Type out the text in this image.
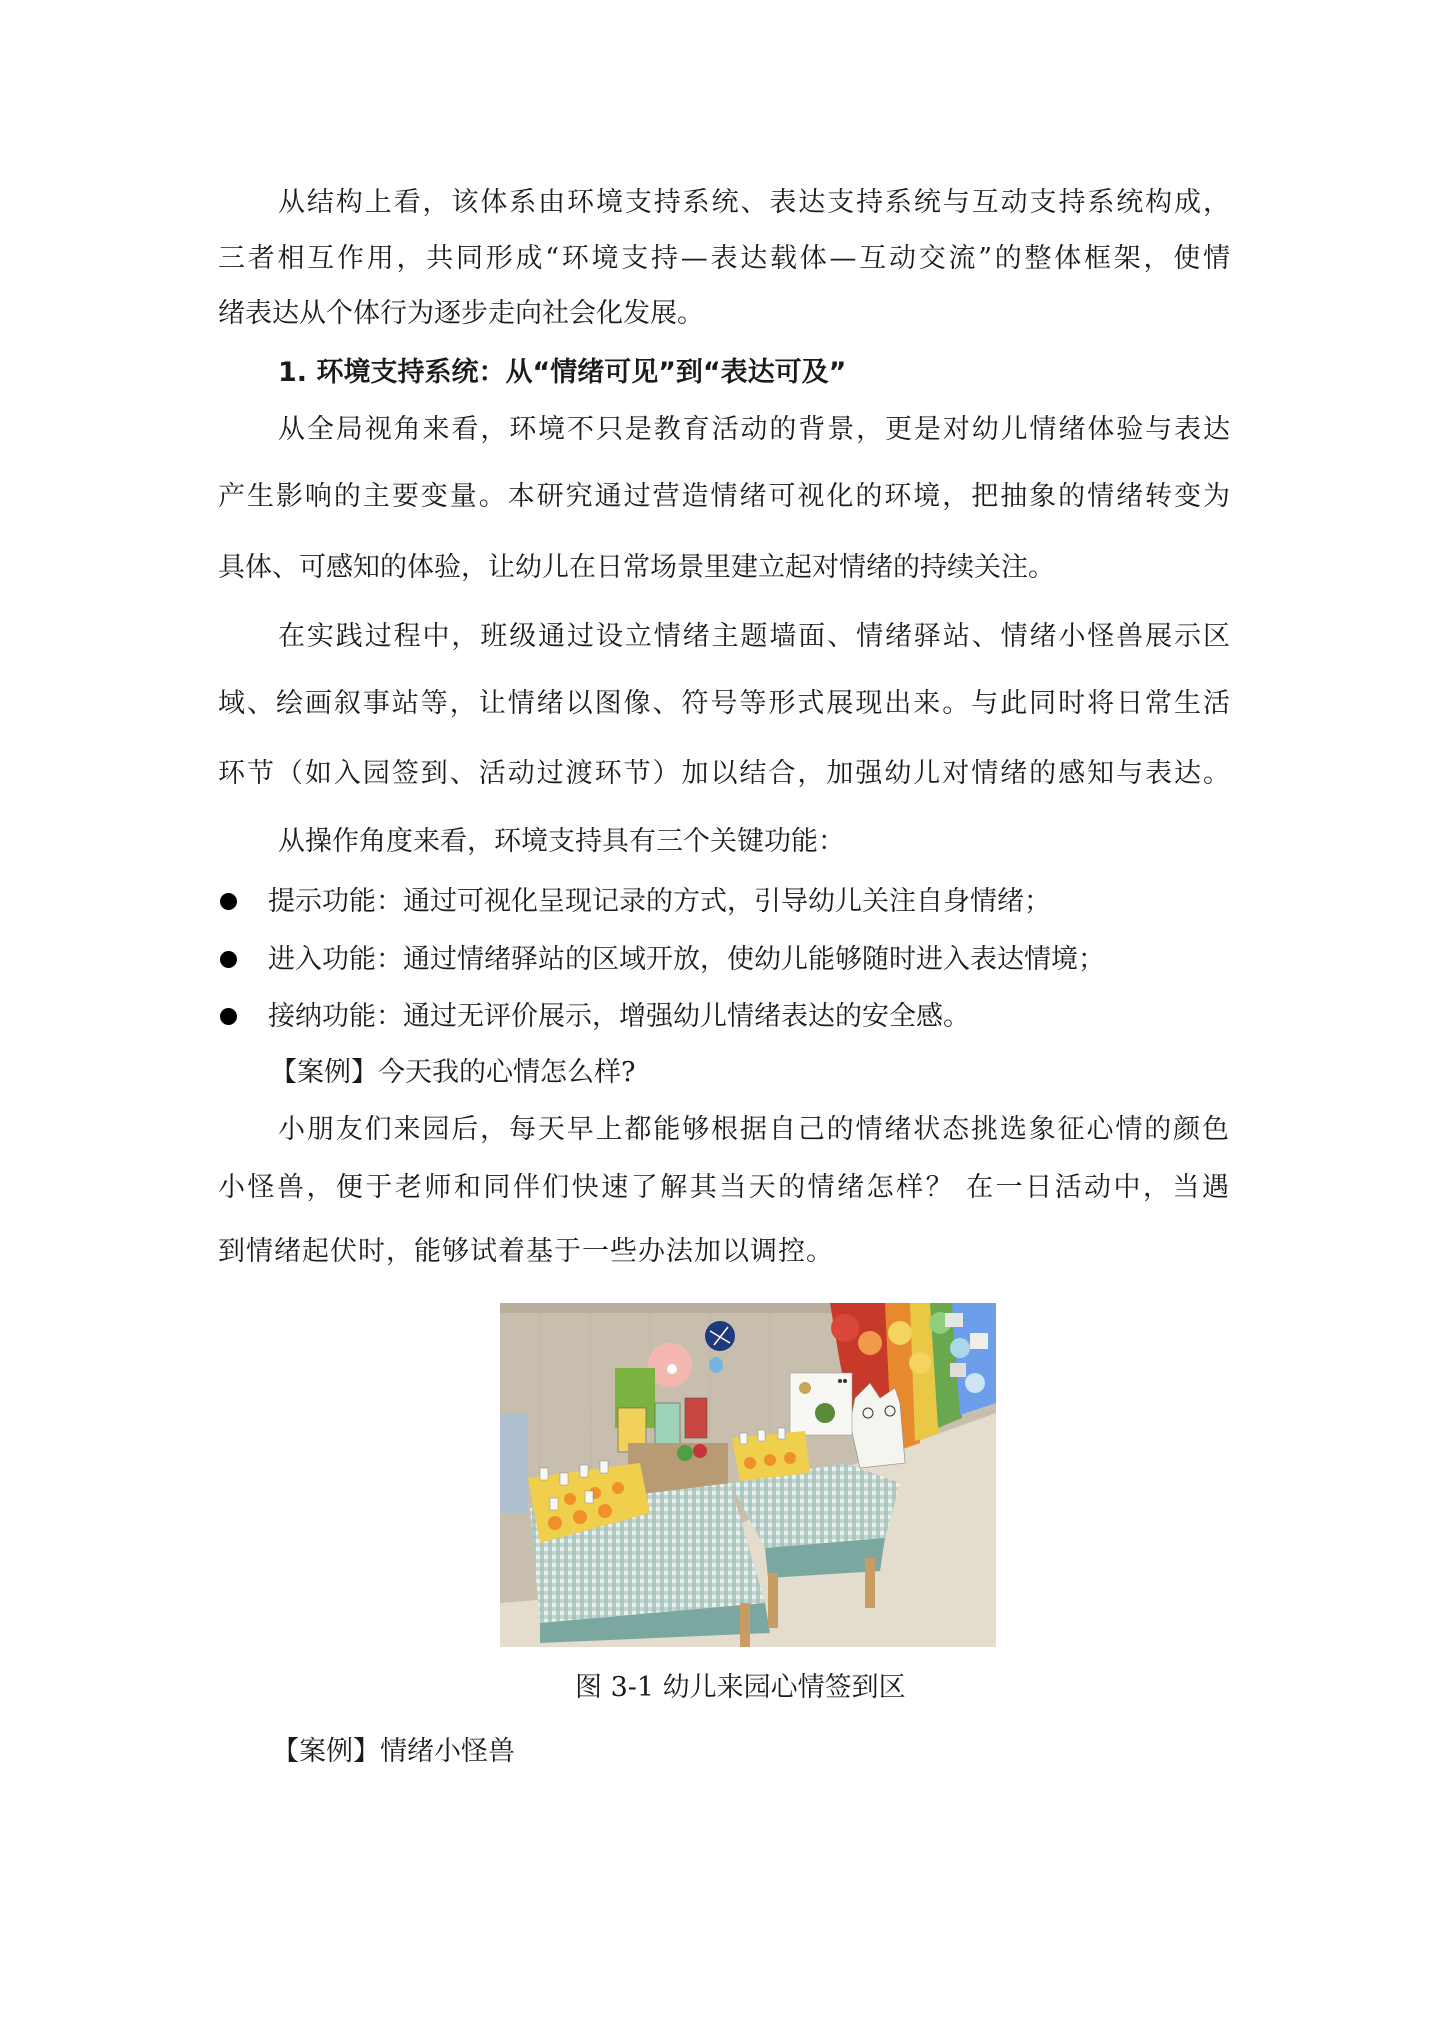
从结构上看，该体系由环境支持系统、表达支持系统与互动支持系统构成，
三者相互作用，共同形成“环境支持—表达载体—互动交流”的整体框架，使情
绪表达从个体行为逐步走向社会化发展。
1. 环境支持系统：从“情绪可见”到“表达可及”
从全局视角来看，环境不只是教育活动的背景，更是对幼儿情绪体验与表达
产生影响的主要变量。本研究通过营造情绪可视化的环境，把抽象的情绪转变为
具体、可感知的体验，让幼儿在日常场景里建立起对情绪的持续关注。
在实践过程中，班级通过设立情绪主题墙面、情绪驿站、情绪小怪兽展示区
域、绘画叙事站等，让情绪以图像、符号等形式展现出来。与此同时将日常生活
环节（如入园签到、活动过渡环节）加以结合，加强幼儿对情绪的感知与表达。
从操作角度来看，环境支持具有三个关键功能：
提示功能：通过可视化呈现记录的方式，引导幼儿关注自身情绪；
进入功能：通过情绪驿站的区域开放，使幼儿能够随时进入表达情境；
接纳功能：通过无评价展示，增强幼儿情绪表达的安全感。
【案例】今天我的心情怎么样?
小朋友们来园后，每天早上都能够根据自己的情绪状态挑选象征心情的颜色
小怪兽，便于老师和同伴们快速了解其当天的情绪怎样？ 在一日活动中，当遇
到情绪起伏时，能够试着基于一些办法加以调控。
图 3-1 幼儿来园心情签到区
【案例】情绪小怪兽
